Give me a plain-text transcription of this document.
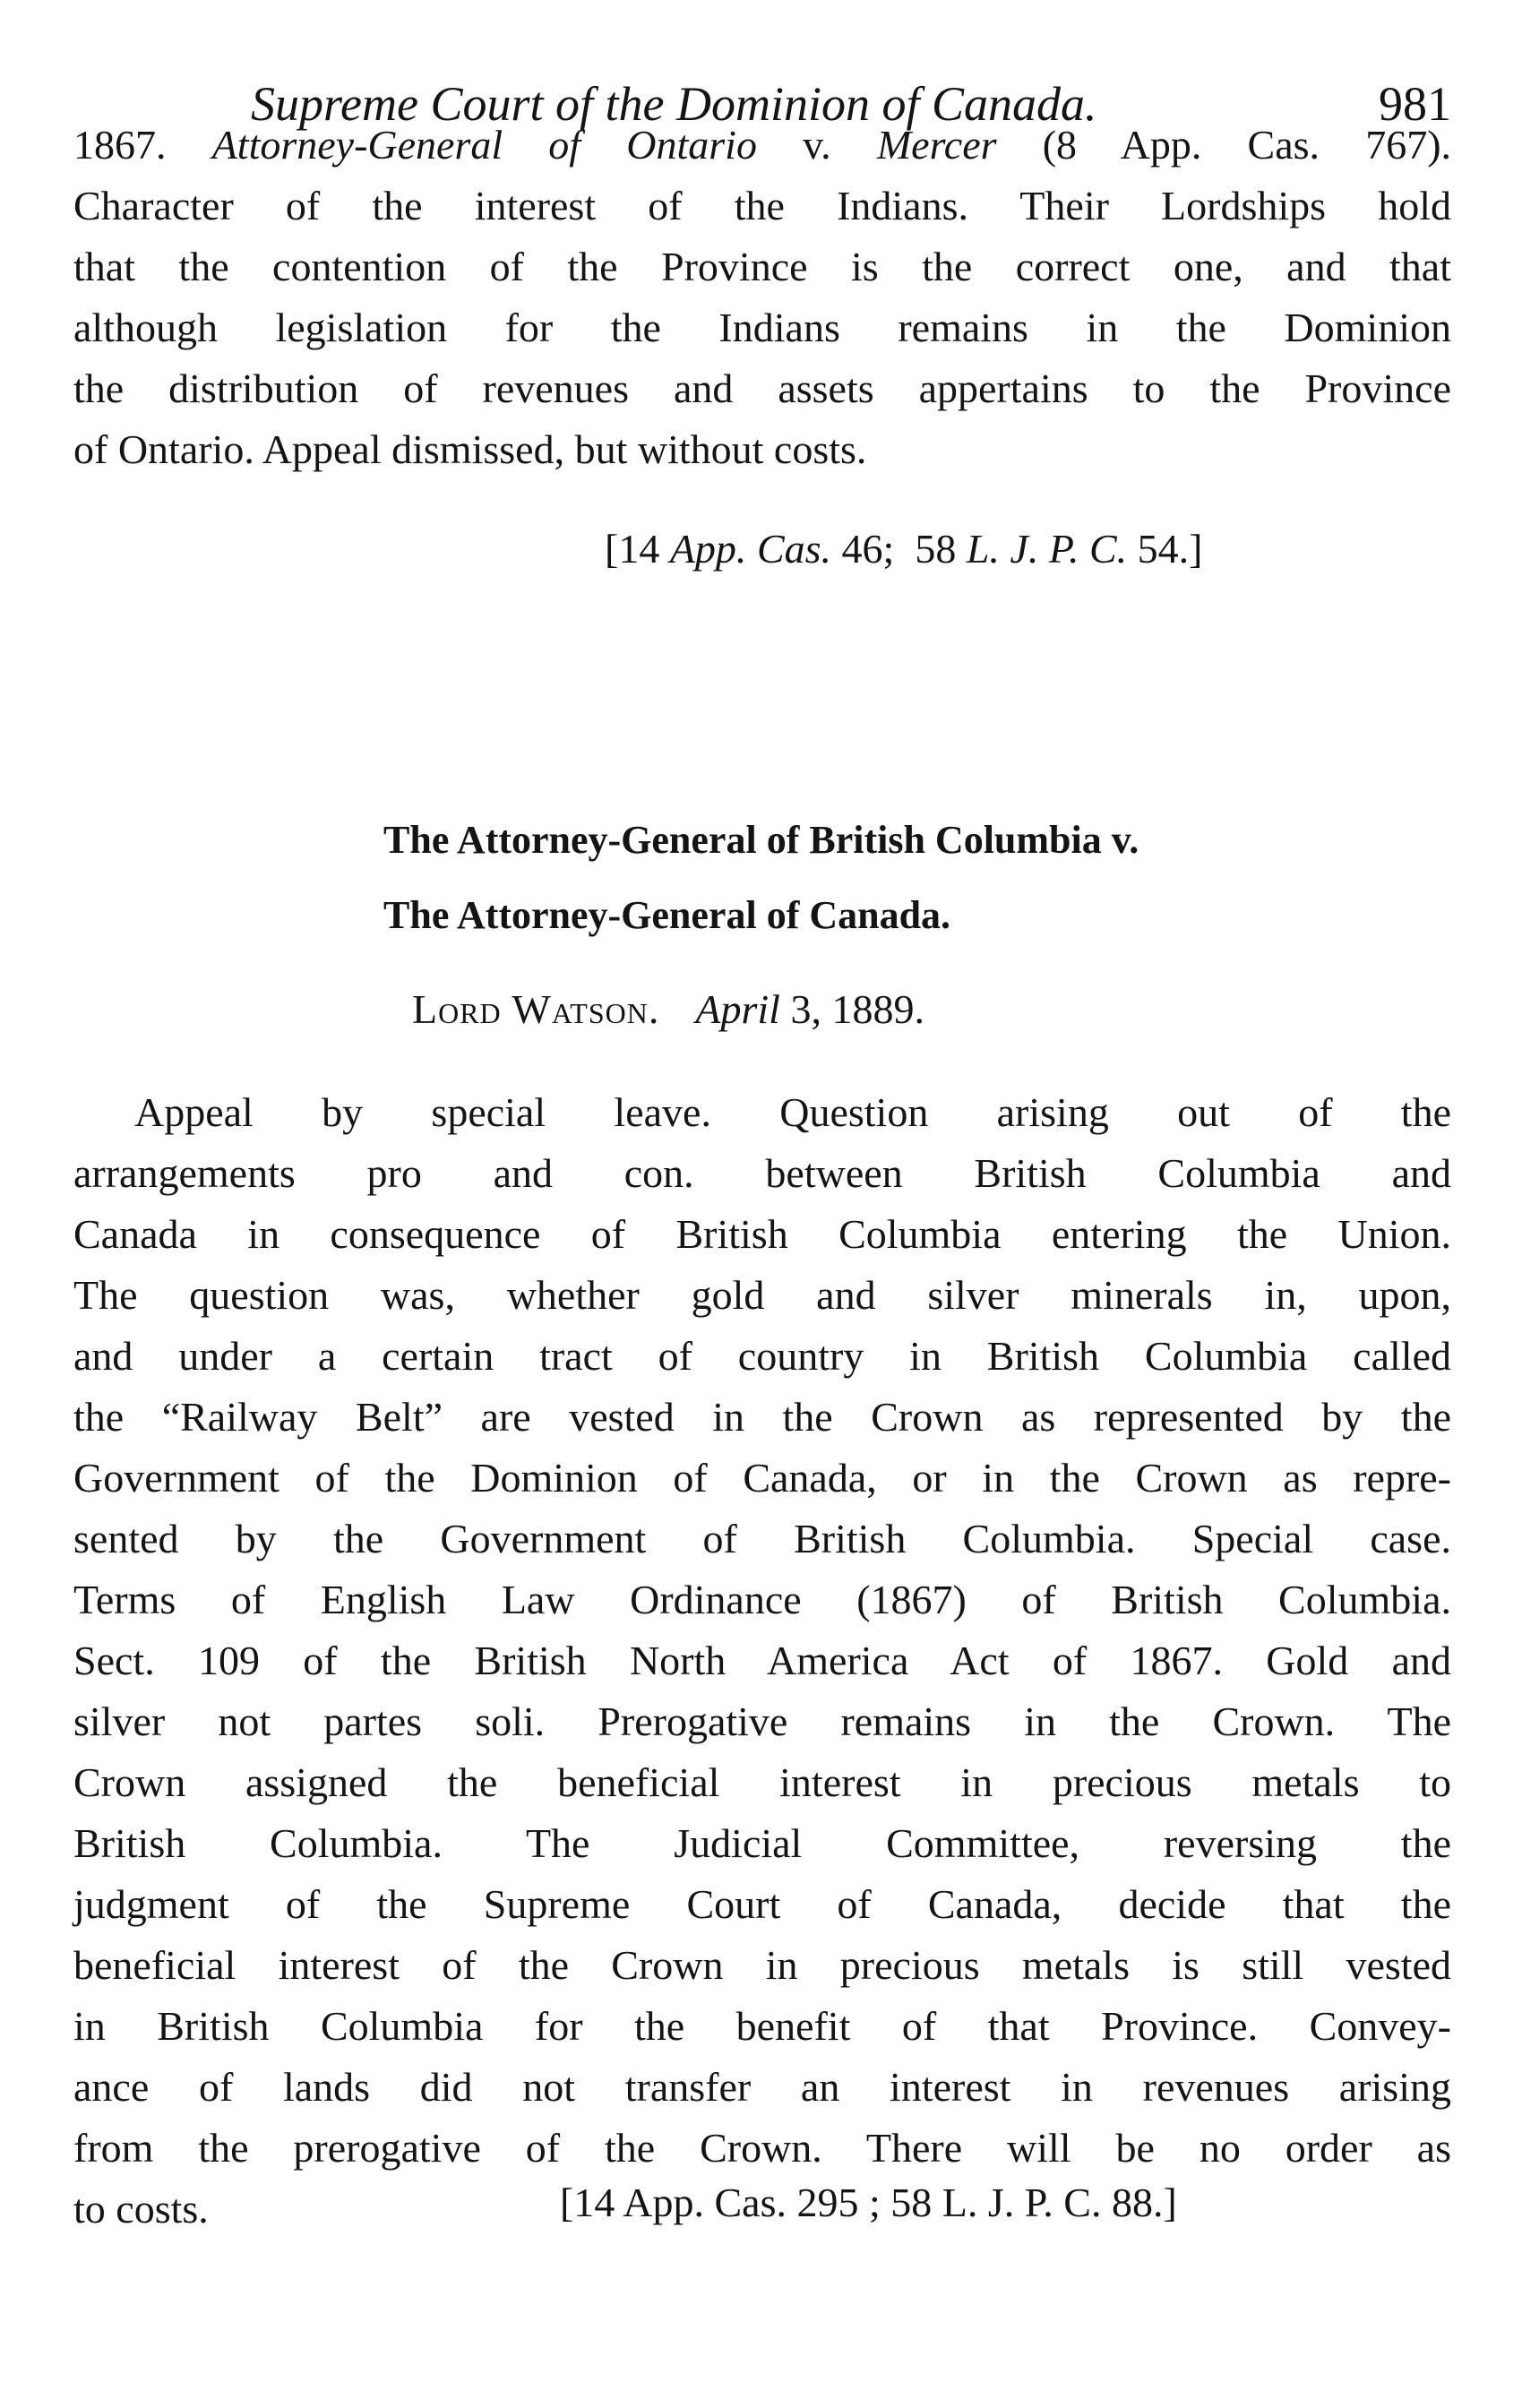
Supreme Court of the Dominion of Canada.	981
1867. Attorney-General of Ontario v. Mercer (8 App. Cas. 767).
Character of the interest of the Indians. Their Lordships hold
that the contention of the Province is the correct one, and that
although legislation for the Indians remains in the Dominion
the distribution of revenues and assets appertains to the Province
of Ontario. Appeal dismissed, but without costs.
[14 App. Cas. 46; 58 L. J. P. C. 54.]
The Attorney-General of British Columbia v.
The Attorney-General of Canada.
Lord Watson. April 3, 1889.
Appeal by special leave. Question arising out of the
arrangements pro and con. between British Columbia and
Canada in consequence of British Columbia entering the Union.
The question was, whether gold and silver minerals in, upon,
and under a certain tract of country in British Columbia called
the “Railway Belt” are vested in the Crown as represented by the
Government of the Dominion of Canada, or in the Crown as repre-
sented by the Government of British Columbia. Special case.
Terms of English Law Ordinance (1867) of British Columbia.
Sect. 109 of the British North America Act of 1867. Gold and
silver not partes soli. Prerogative remains in the Crown. The
Crown assigned the beneficial interest in precious metals to
British Columbia. The Judicial Committee, reversing the
judgment of the Supreme Court of Canada, decide that the
beneficial interest of the Crown in precious metals is still vested
in British Columbia for the benefit of that Province. Convey-
ance of lands did not transfer an interest in revenues arising
from the prerogative of the Crown. There will be no order as
to costs.	[14 App. Cas. 295 ; 58 L. J. P. C. 88.]
